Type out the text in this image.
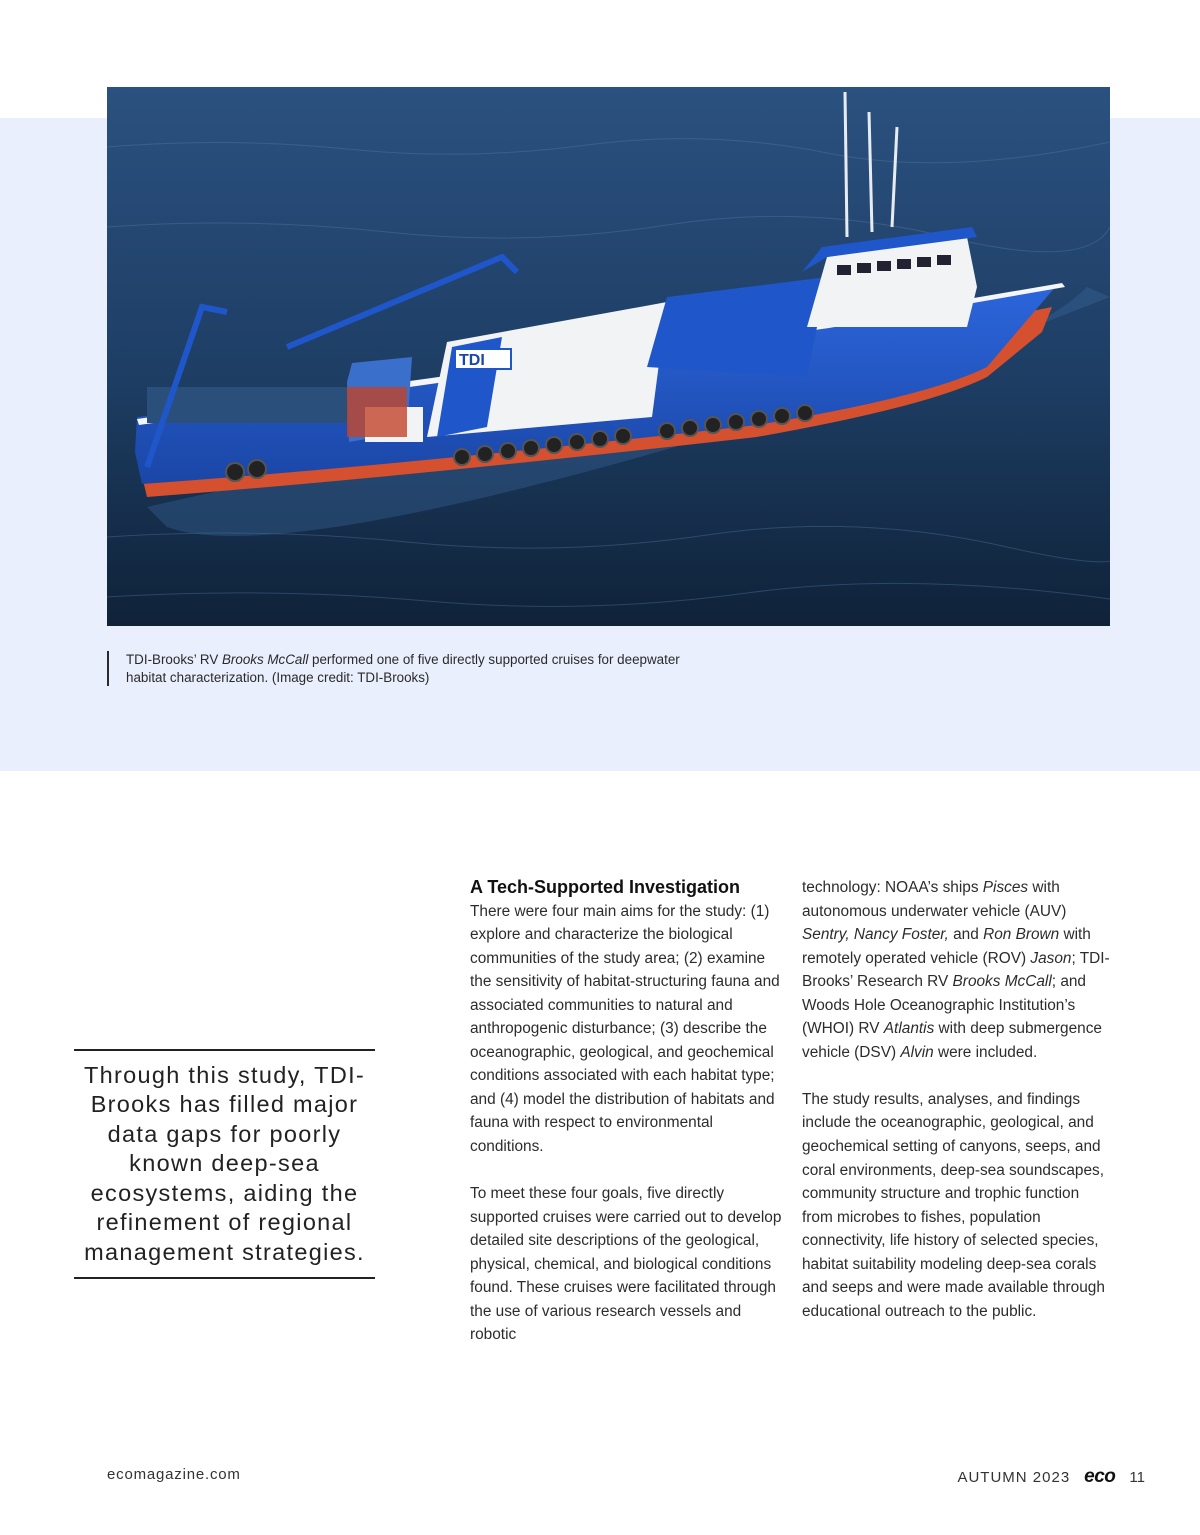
TDI
TDI-Brooks’ RV Brooks McCall performed one of five directly supported cruises for deepwater habitat characterization. (Image credit: TDI-Brooks)

Through this study, TDI-Brooks has filled major data gaps for poorly known deep-sea ecosystems, aiding the refinement of regional management strategies.

A Tech-Supported Investigation

There were four main aims for the study: (1) explore and characterize the biological communities of the study area; (2) examine the sensitivity of habitat-structuring fauna and associated communities to natural and anthropogenic disturbance; (3) describe the oceanographic, geological, and geochemical conditions associated with each habitat type; and (4) model the distribution of habitats and fauna with respect to environmental conditions.

To meet these four goals, five directly supported cruises were carried out to develop detailed site descriptions of the geological, physical, chemical, and biological conditions found. These cruises were facilitated through the use of various research vessels and robotic

technology: NOAA’s ships Pisces with autonomous underwater vehicle (AUV) Sentry, Nancy Foster, and Ron Brown with remotely operated vehicle (ROV) Jason; TDI-Brooks’ Research RV Brooks McCall; and Woods Hole Oceanographic Institution’s (WHOI) RV Atlantis with deep submergence vehicle (DSV) Alvin were included.

The study results, analyses, and findings include the oceanographic, geological, and geochemical setting of canyons, seeps, and coral environments, deep-sea soundscapes, community structure and trophic function from microbes to fishes, population connectivity, life history of selected species, habitat suitability modeling deep-sea corals and seeps and were made available through educational outreach to the public.

ecomagazine.com	AUTUMN 2023 eco 11
